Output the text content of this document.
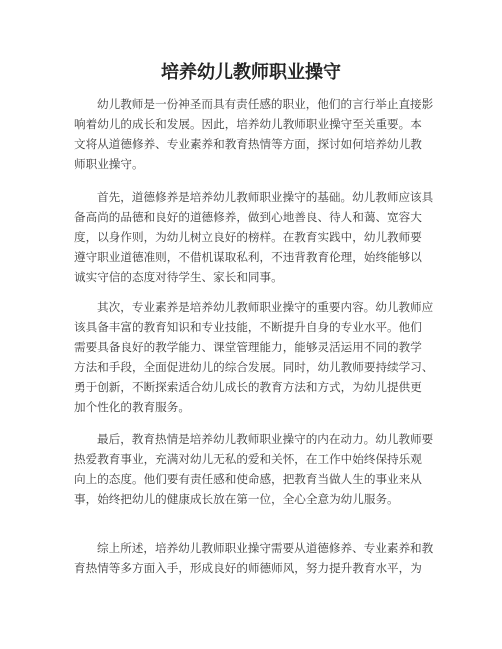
培养幼儿教师职业操守
幼儿教师是一份神圣而具有责任感的职业，他们的言行举止直接影
响着幼儿的成长和发展。因此，培养幼儿教师职业操守至关重要。本
文将从道德修养、专业素养和教育热情等方面，探讨如何培养幼儿教
师职业操守。
首先，道德修养是培养幼儿教师职业操守的基础。幼儿教师应该具
备高尚的品德和良好的道德修养，做到心地善良、待人和蔼、宽容大
度，以身作则，为幼儿树立良好的榜样。在教育实践中，幼儿教师要
遵守职业道德准则，不借机谋取私利，不违背教育伦理，始终能够以
诚实守信的态度对待学生、家长和同事。
其次，专业素养是培养幼儿教师职业操守的重要内容。幼儿教师应
该具备丰富的教育知识和专业技能，不断提升自身的专业水平。他们
需要具备良好的教学能力、课堂管理能力，能够灵活运用不同的教学
方法和手段，全面促进幼儿的综合发展。同时，幼儿教师要持续学习、
勇于创新，不断探索适合幼儿成长的教育方法和方式，为幼儿提供更
加个性化的教育服务。
最后，教育热情是培养幼儿教师职业操守的内在动力。幼儿教师要
热爱教育事业，充满对幼儿无私的爱和关怀，在工作中始终保持乐观
向上的态度。他们要有责任感和使命感，把教育当做人生的事业来从
事，始终把幼儿的健康成长放在第一位，全心全意为幼儿服务。
综上所述，培养幼儿教师职业操守需要从道德修养、专业素养和教
育热情等多方面入手，形成良好的师德师风，努力提升教育水平，为
